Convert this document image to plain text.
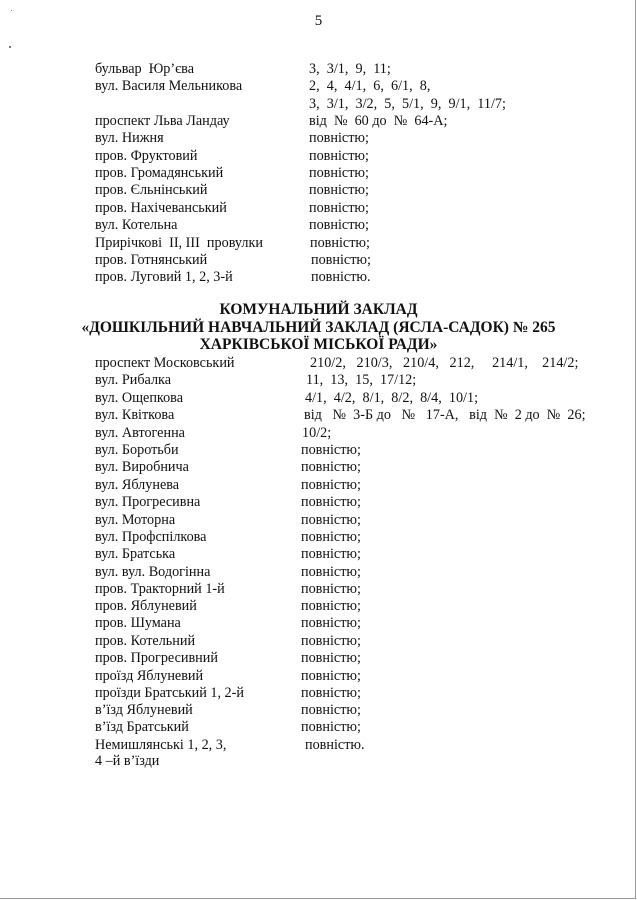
5

бульвар  Юр’єва

	3,  3/1,  9,  11;

вул. Василя Мельникова

	2,  4,  4/1,  6,  6/1,  8,

3,  3/1,  3/2,  5,  5/1,  9,  9/1,  11/7;

проспект Льва Ландау

	від  №  60 до  №  64-А;

вул. Нижня

	повністю;

пров. Фруктовий

	повністю;

пров. Громадянський

	повністю;

пров. Єльнінський

	повністю;

пров. Нахічеванський

	повністю;

вул. Котельна

	повністю;

Приpічкові  ІІ, ІІІ  провулки

	повністю;

пров. Готнянський

	повністю;

пров. Луговий 1, 2, 3-й

	повністю.

КОМУНАЛЬНИЙ ЗАКЛАД
«ДОШКІЛЬНИЙ НАВЧАЛЬНИЙ ЗАКЛАД (ЯСЛА-САДОК) № 265
ХАРКІВСЬКОЇ МІСЬКОЇ РАДИ»

проспект Московський

	210/2,   210/3,   210/4,   212,     214/1,    214/2;

вул. Рибалка

	11,  13,  15,  17/12;

вул. Ощепкова

	4/1,  4/2,  8/1,  8/2,  8/4,  10/1;

вул. Квіткова

	від   №  3-Б до   №   17-А,   від  №  2 до  №  26;

вул. Автогенна

	10/2;

вул. Боротьби

	повністю;

вул. Виробнича

	повністю;

вул. Яблунева

	повністю;

вул. Прогресивна

	повністю;

вул. Моторна

	повністю;

вул. Профспілкова

	повністю;

вул. Братська

	повністю;

вул. вул. Водогінна

	повністю;

пров. Тракторний 1-й

	повністю;

пров. Яблуневий

	повністю;

пров. Шумана

	повністю;

пров. Котельний

	повністю;

пров. Прогресивний

	повністю;

проїзд Яблуневий

	повністю;

проїзди Братський 1, 2-й

	повністю;

в’їзд Яблуневий

	повністю;

в’їзд Братський

	повністю;

Немишлянські 1, 2, 3,

	повністю.

4 –й в’їзди
